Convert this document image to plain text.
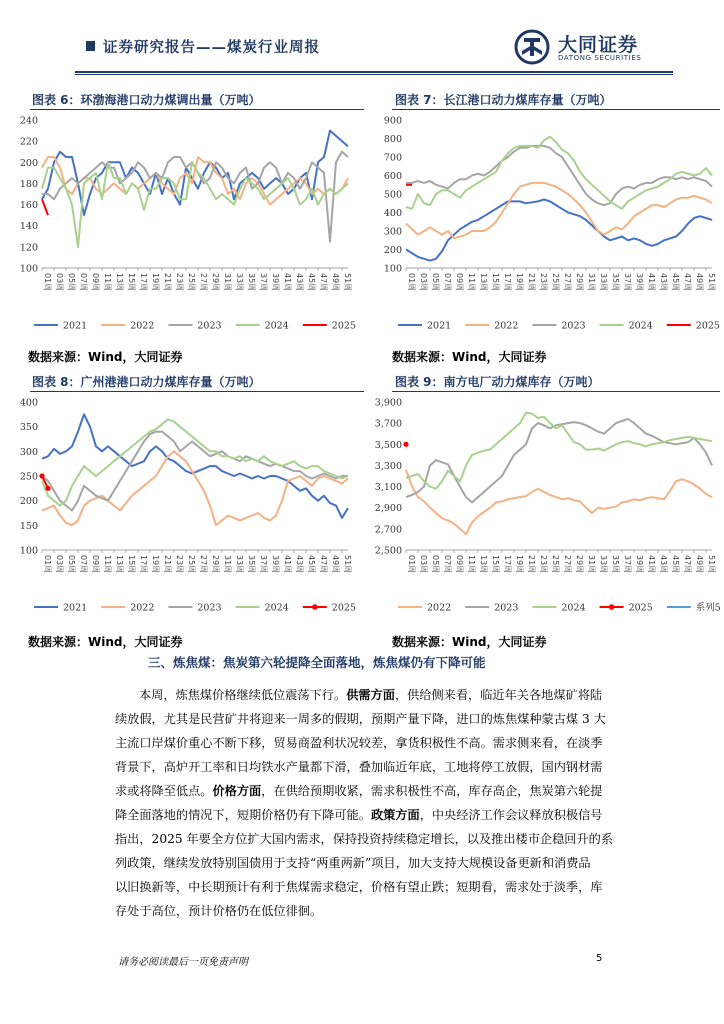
证券研究报告——煤炭行业周报	大同证券
DATONG SECURITIES
图表 6：环渤海港口动力煤调出量（万吨）	图表 7：长江港口动力煤库存量（万吨）
100
120
140
160
180
200
220
240
01周 03周 05周 07周 09周 11周 13周 15周 17周 19周 21周 23周 25周 27周 29周 31周 33周 35周 37周 39周 41周 43周 45周 47周 49周 51周
2021	2022	2023	2024	2025
100
200
300
400
500
600
700
800
900
01周 03周 05周 07周 09周 11周 13周 15周 17周 19周 21周 23周 25周 27周 29周 31周 33周 35周 37周 39周 41周 43周 45周 47周 49周 51周
2021	2022	2023	2024	2025
数据来源：Wind，大同证券	数据来源：Wind，大同证券
图表 8：广州港港口动力煤库存量（万吨）	图表 9：南方电厂动力煤库存（万吨）
100
150
200
250
300
350
400
01周 03周 05周 07周 09周 11周 13周 15周 17周 19周 21周 23周 25周 27周 29周 31周 33周 35周 37周 39周 41周 43周 45周 47周 49周 51周
2021	2022	2023	2024	2025
2,500
2,700
2,900
3,100
3,300
3,500
3,700
3,900
01周 03周 05周 07周 09周 11周 13周 15周 17周 19周 21周 23周 25周 27周 29周 31周 33周 35周 37周 39周 41周 43周 45周 47周 49周 51周
2022	2023	2024	2025	系列5
数据来源：Wind，大同证券	数据来源：Wind，大同证券
三、炼焦煤：焦炭第六轮提降全面落地，炼焦煤仍有下降可能
本周，炼焦煤价格继续低位震荡下行。供需方面，供给侧来看，临近年关各地煤矿将陆
续放假，尤其是民营矿井将迎来一周多的假期，预期产量下降，进口的炼焦煤种蒙古煤 3 大
主流口岸煤价重心不断下移，贸易商盈利状况较差，拿货积极性不高。需求侧来看，在淡季
背景下，高炉开工率和日均铁水产量都下滑，叠加临近年底，工地将停工放假，国内钢材需
求或将降至低点。价格方面，在供给预期收紧，需求积极性不高，库存高企，焦炭第六轮提
降全面落地的情况下，短期价格仍有下降可能。政策方面，中央经济工作会议释放积极信号
指出，2025 年要全方位扩大国内需求，保持投资持续稳定增长，以及推出楼市企稳回升的系
列政策，继续发放特别国债用于支持“两重两新”项目，加大支持大规模设备更新和消费品
以旧换新等，中长期预计有利于焦煤需求稳定，价格有望止跌；短期看，需求处于淡季，库
存处于高位，预计价格仍在低位徘徊。
请务必阅读最后一页免责声明	5
